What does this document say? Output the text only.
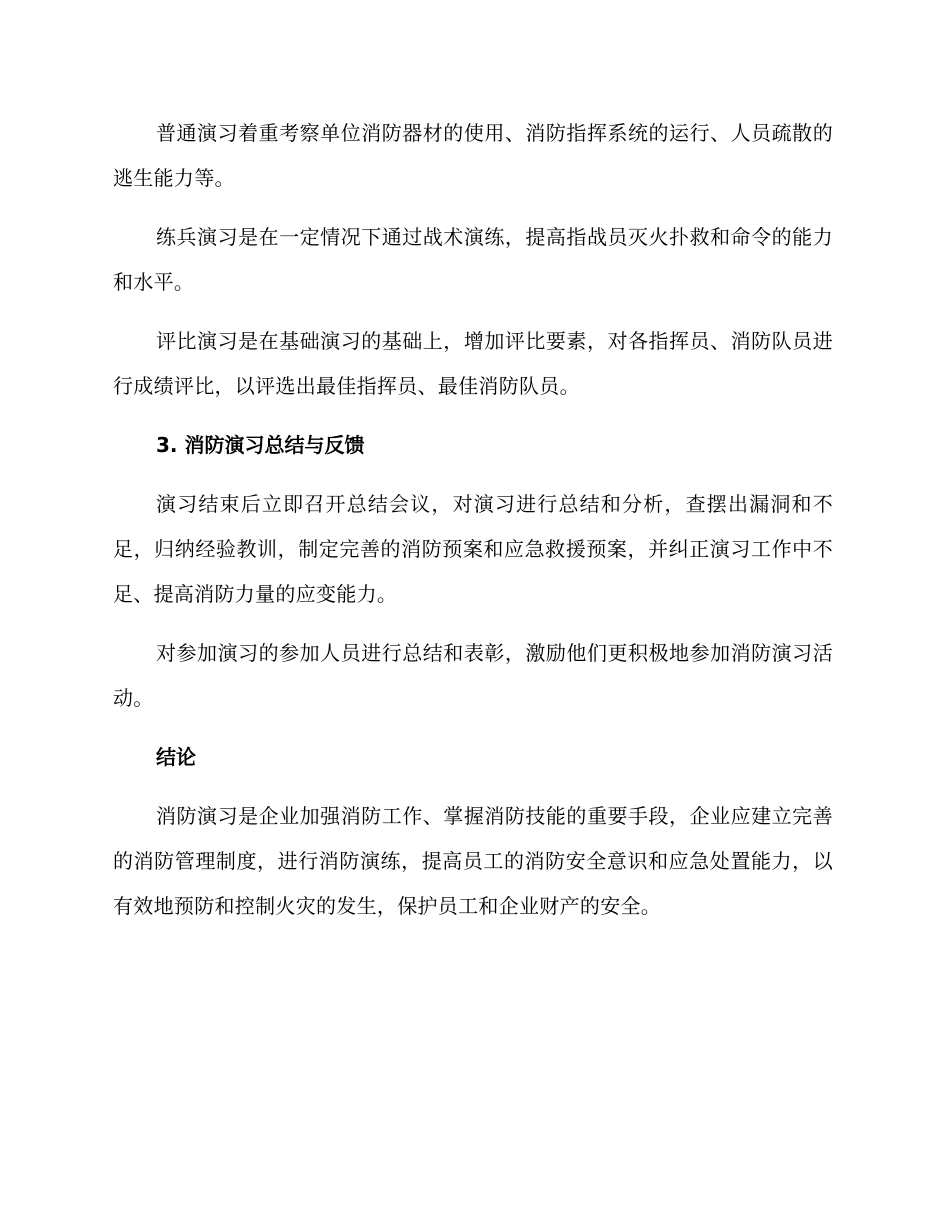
普通演习着重考察单位消防器材的使用、消防指挥系统的运行、人员疏散的逃生能力等。

练兵演习是在一定情况下通过战术演练，提高指战员灭火扑救和命令的能力和水平。

评比演习是在基础演习的基础上，增加评比要素，对各指挥员、消防队员进行成绩评比，以评选出最佳指挥员、最佳消防队员。

3. 消防演习总结与反馈

演习结束后立即召开总结会议，对演习进行总结和分析，查摆出漏洞和不足，归纳经验教训，制定完善的消防预案和应急救援预案，并纠正演习工作中不足、提高消防力量的应变能力。

对参加演习的参加人员进行总结和表彰，激励他们更积极地参加消防演习活动。

结论

消防演习是企业加强消防工作、掌握消防技能的重要手段，企业应建立完善的消防管理制度，进行消防演练，提高员工的消防安全意识和应急处置能力，以有效地预防和控制火灾的发生，保护员工和企业财产的安全。
